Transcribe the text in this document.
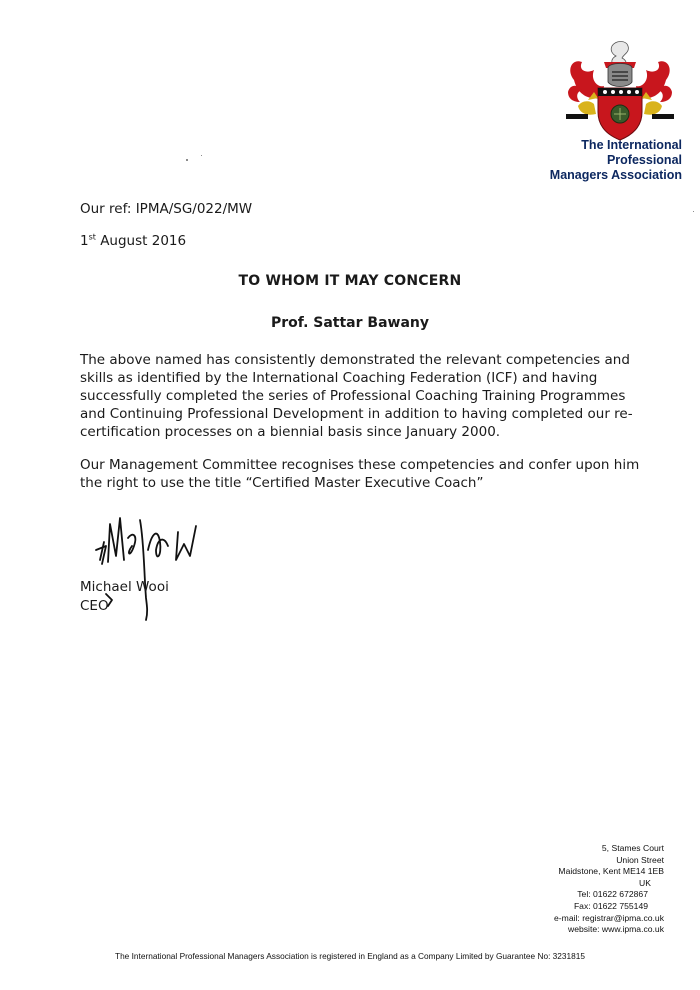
The International
Professional
Managers Association
Our ref: IPMA/SG/022/MW
1st August 2016
TO WHOM IT MAY CONCERN
Prof. Sattar Bawany

The above named has consistently demonstrated the relevant competencies and skills as identified by the International Coaching Federation (ICF) and having successfully completed the series of Professional Coaching Training Programmes and Continuing Professional Development in addition to having completed our re-certification processes on a biennial basis since January 2000.

Our Management Committee recognises these competencies and confer upon him the right to use the title “Certified Master Executive Coach”

Michael Wooi
CEO
5, Stames Court
Union Street
Maidstone, Kent ME14 1EB
UK
Tel: 01622 672867
Fax: 01622 755149
e-mail: registrar@ipma.co.uk
website: www.ipma.co.uk
The International Professional Managers Association is registered in England as a Company Limited by Guarantee No: 3231815
